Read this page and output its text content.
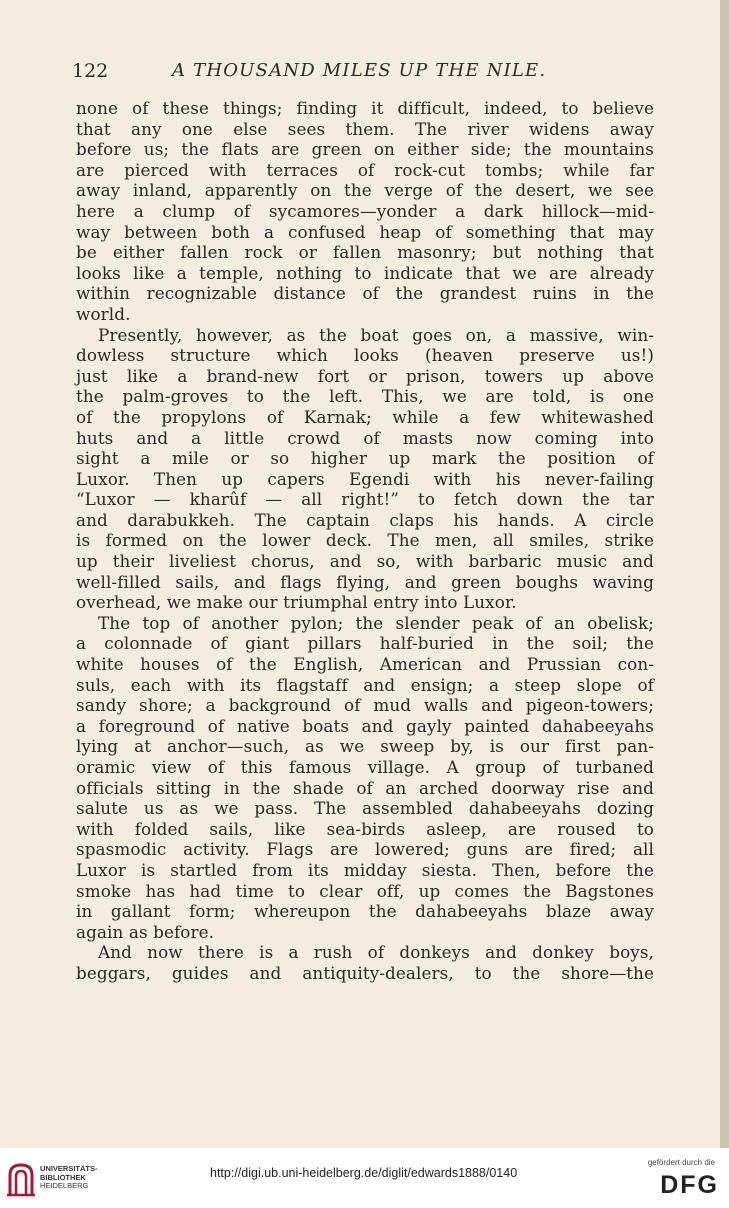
122	A THOUSAND MILES UP THE NILE.
none of these things; finding it difficult, indeed, to believe
that any one else sees them. The river widens away
before us; the flats are green on either side; the mountains
are pierced with terraces of rock-cut tombs; while far
away inland, apparently on the verge of the desert, we see
here a clump of sycamores—yonder a dark hillock—mid-
way between both a confused heap of something that may
be either fallen rock or fallen masonry; but nothing that
looks like a temple, nothing to indicate that we are already
within recognizable distance of the grandest ruins in the
world.
Presently, however, as the boat goes on, a massive, win-
dowless structure which looks (heaven preserve us!)
just like a brand-new fort or prison, towers up above
the palm-groves to the left. This, we are told, is one
of the propylons of Karnak; while a few whitewashed
huts and a little crowd of masts now coming into
sight a mile or so higher up mark the position of
Luxor. Then up capers Egendi with his never-failing
“Luxor — kharûf — all right!” to fetch down the tar
and darabukkeh. The captain claps his hands. A circle
is formed on the lower deck. The men, all smiles, strike
up their liveliest chorus, and so, with barbaric music and
well-filled sails, and flags flying, and green boughs waving
overhead, we make our triumphal entry into Luxor.
The top of another pylon; the slender peak of an obelisk;
a colonnade of giant pillars half-buried in the soil; the
white houses of the English, American and Prussian con-
suls, each with its flagstaff and ensign; a steep slope of
sandy shore; a background of mud walls and pigeon-towers;
a foreground of native boats and gayly painted dahabeeyahs
lying at anchor—such, as we sweep by, is our first pan-
oramic view of this famous village. A group of turbaned
officials sitting in the shade of an arched doorway rise and
salute us as we pass. The assembled dahabeeyahs dozing
with folded sails, like sea-birds asleep, are roused to
spasmodic activity. Flags are lowered; guns are fired; all
Luxor is startled from its midday siesta. Then, before the
smoke has had time to clear off, up comes the Bagstones
in gallant form; whereupon the dahabeeyahs blaze away
again as before.
And now there is a rush of donkeys and donkey boys,
beggars, guides and antiquity-dealers, to the shore—the
UNIVERSITÄTS-
BIBLIOTHEK
HEIDELBERG
http://digi.ub.uni-heidelberg.de/diglit/edwards1888/0140
gefördert durch die
DFG
